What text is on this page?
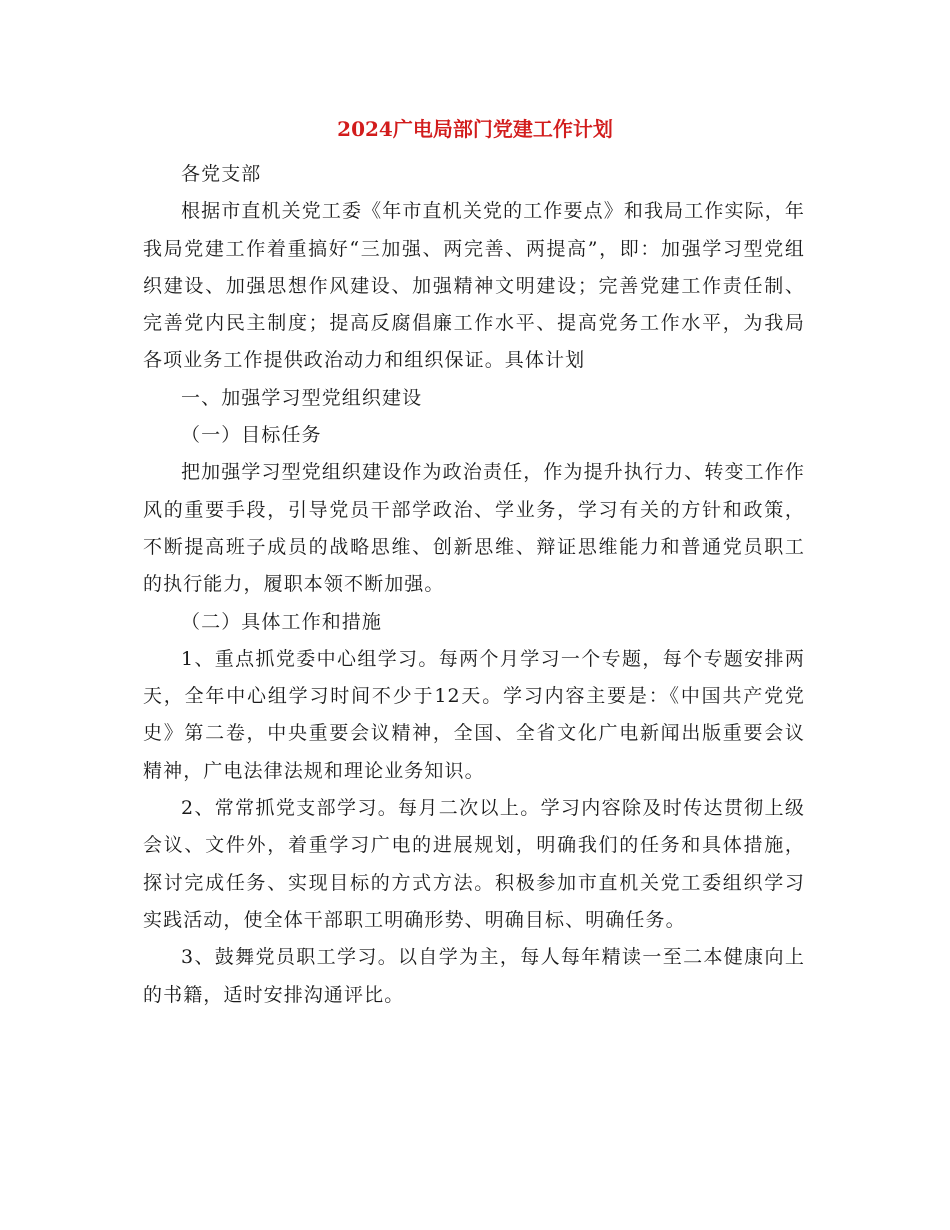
2024广电局部门党建工作计划

各党支部

根据市直机关党工委《年市直机关党的工作要点》和我局工作实际，年我局党建工作着重搞好“三加强、两完善、两提高”，即：加强学习型党组织建设、加强思想作风建设、加强精神文明建设；完善党建工作责任制、完善党内民主制度；提高反腐倡廉工作水平、提高党务工作水平，为我局各项业务工作提供政治动力和组织保证。具体计划

一、加强学习型党组织建设

（一）目标任务

把加强学习型党组织建设作为政治责任，作为提升执行力、转变工作作风的重要手段，引导党员干部学政治、学业务，学习有关的方针和政策，不断提高班子成员的战略思维、创新思维、辩证思维能力和普通党员职工的执行能力，履职本领不断加强。

（二）具体工作和措施

1、重点抓党委中心组学习。每两个月学习一个专题，每个专题安排两天，全年中心组学习时间不少于12天。学习内容主要是：《中国共产党党史》第二卷，中央重要会议精神，全国、全省文化广电新闻出版重要会议精神，广电法律法规和理论业务知识。

2、常常抓党支部学习。每月二次以上。学习内容除及时传达贯彻上级会议、文件外，着重学习广电的进展规划，明确我们的任务和具体措施，探讨完成任务、实现目标的方式方法。积极参加市直机关党工委组织学习实践活动，使全体干部职工明确形势、明确目标、明确任务。

3、鼓舞党员职工学习。以自学为主，每人每年精读一至二本健康向上的书籍，适时安排沟通评比。
